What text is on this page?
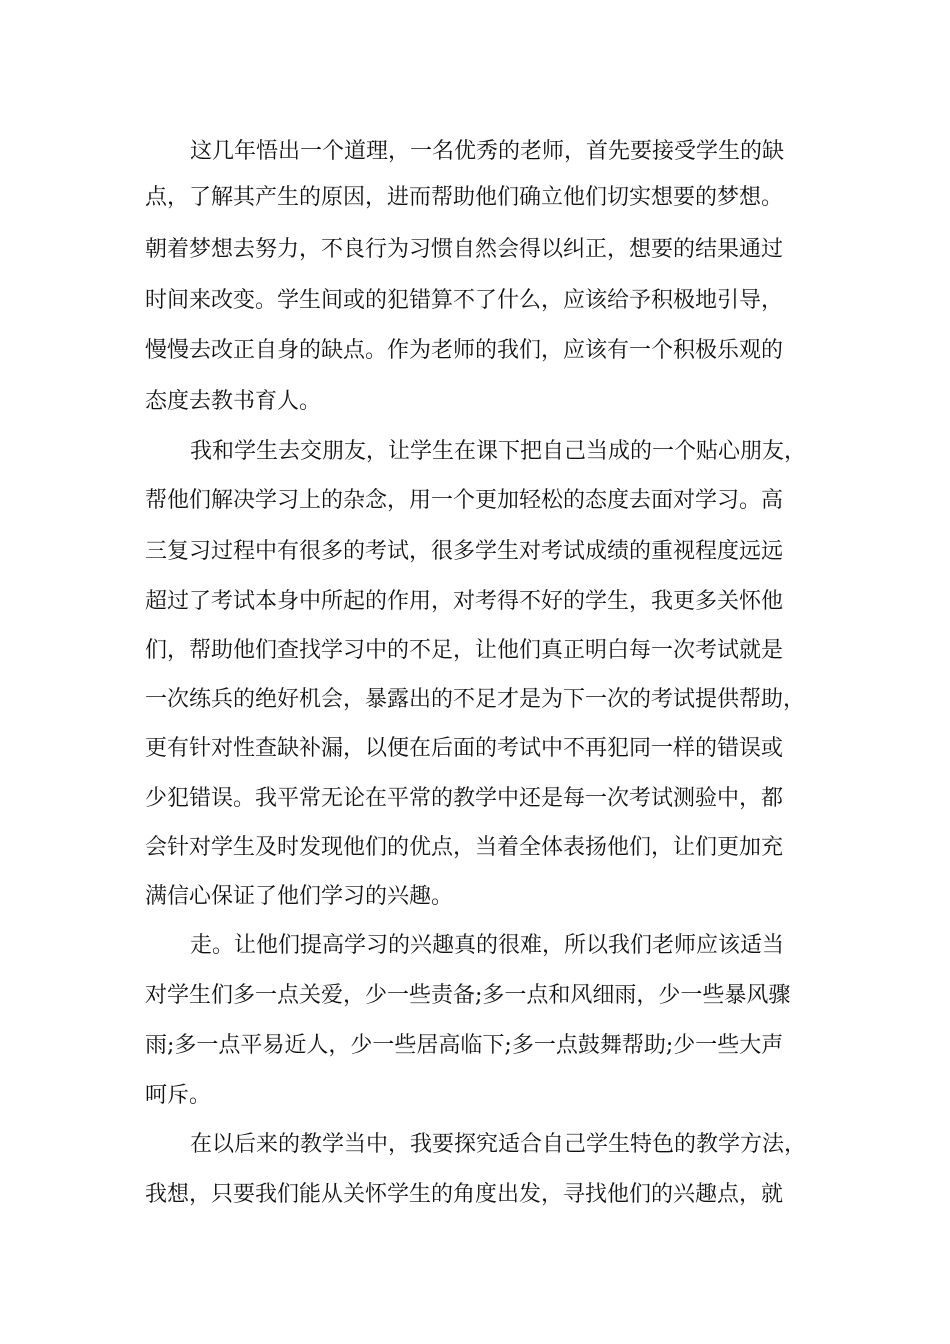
这几年悟出一个道理，一名优秀的老师，首先要接受学生的缺
点，了解其产生的原因，进而帮助他们确立他们切实想要的梦想。
朝着梦想去努力，不良行为习惯自然会得以纠正，想要的结果通过
时间来改变。学生间或的犯错算不了什么，应该给予积极地引导，
慢慢去改正自身的缺点。作为老师的我们，应该有一个积极乐观的
态度去教书育人。
我和学生去交朋友，让学生在课下把自己当成的一个贴心朋友，
帮他们解决学习上的杂念，用一个更加轻松的态度去面对学习。高
三复习过程中有很多的考试，很多学生对考试成绩的重视程度远远
超过了考试本身中所起的作用，对考得不好的学生，我更多关怀他
们，帮助他们查找学习中的不足，让他们真正明白每一次考试就是
一次练兵的绝好机会，暴露出的不足才是为下一次的考试提供帮助，
更有针对性查缺补漏，以便在后面的考试中不再犯同一样的错误或
少犯错误。我平常无论在平常的教学中还是每一次考试测验中，都
会针对学生及时发现他们的优点，当着全体表扬他们，让们更加充
满信心保证了他们学习的兴趣。
走。让他们提高学习的兴趣真的很难，所以我们老师应该适当
对学生们多一点关爱，少一些责备;多一点和风细雨，少一些暴风骤
雨;多一点平易近人，少一些居高临下;多一点鼓舞帮助;少一些大声
呵斥。
在以后来的教学当中，我要探究适合自己学生特色的教学方法，
我想，只要我们能从关怀学生的角度出发，寻找他们的兴趣点，就
